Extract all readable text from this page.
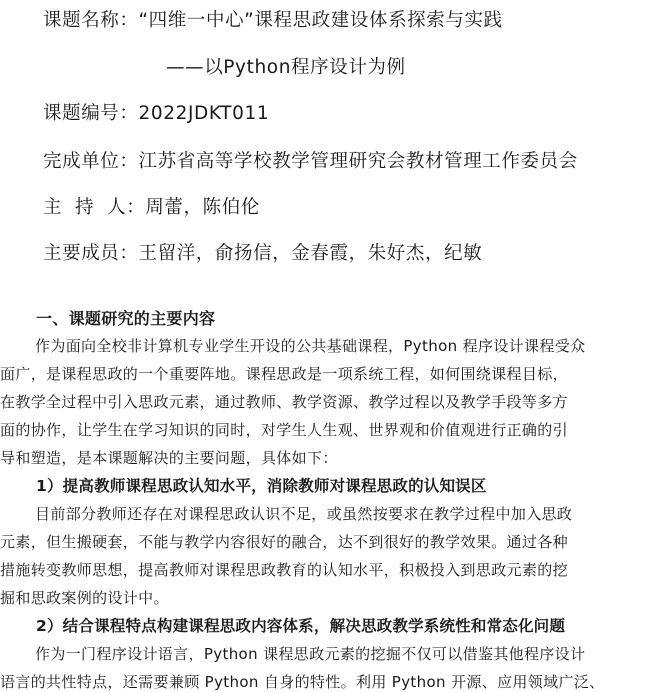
课题名称：“四维一中心”课程思政建设体系探索与实践
——以Python程序设计为例
课题编号：2022JDKT011
完成单位：江苏省高等学校教学管理研究会教材管理工作委员会
主  持  人：周蕾，陈伯伦
主要成员：王留洋，俞扬信，金春霞，朱好杰，纪敏
一、课题研究的主要内容
作为面向全校非计算机专业学生开设的公共基础课程，Python 程序设计课程受众
面广，是课程思政的一个重要阵地。课程思政是一项系统工程，如何围绕课程目标，
在教学全过程中引入思政元素，通过教师、教学资源、教学过程以及教学手段等多方
面的协作，让学生在学习知识的同时，对学生人生观、世界观和价值观进行正确的引
导和塑造，是本课题解决的主要问题，具体如下：
1）提高教师课程思政认知水平，消除教师对课程思政的认知误区
目前部分教师还存在对课程思政认识不足，或虽然按要求在教学过程中加入思政
元素，但生搬硬套，不能与教学内容很好的融合，达不到很好的教学效果。通过各种
措施转变教师思想，提高教师对课程思政教育的认知水平，积极投入到思政元素的挖
掘和思政案例的设计中。
2）结合课程特点构建课程思政内容体系，解决思政教学系统性和常态化问题
作为一门程序设计语言，Python 课程思政元素的挖掘不仅可以借鉴其他程序设计
语言的共性特点，还需要兼顾 Python 自身的特性。利用 Python 开源、应用领域广泛、
